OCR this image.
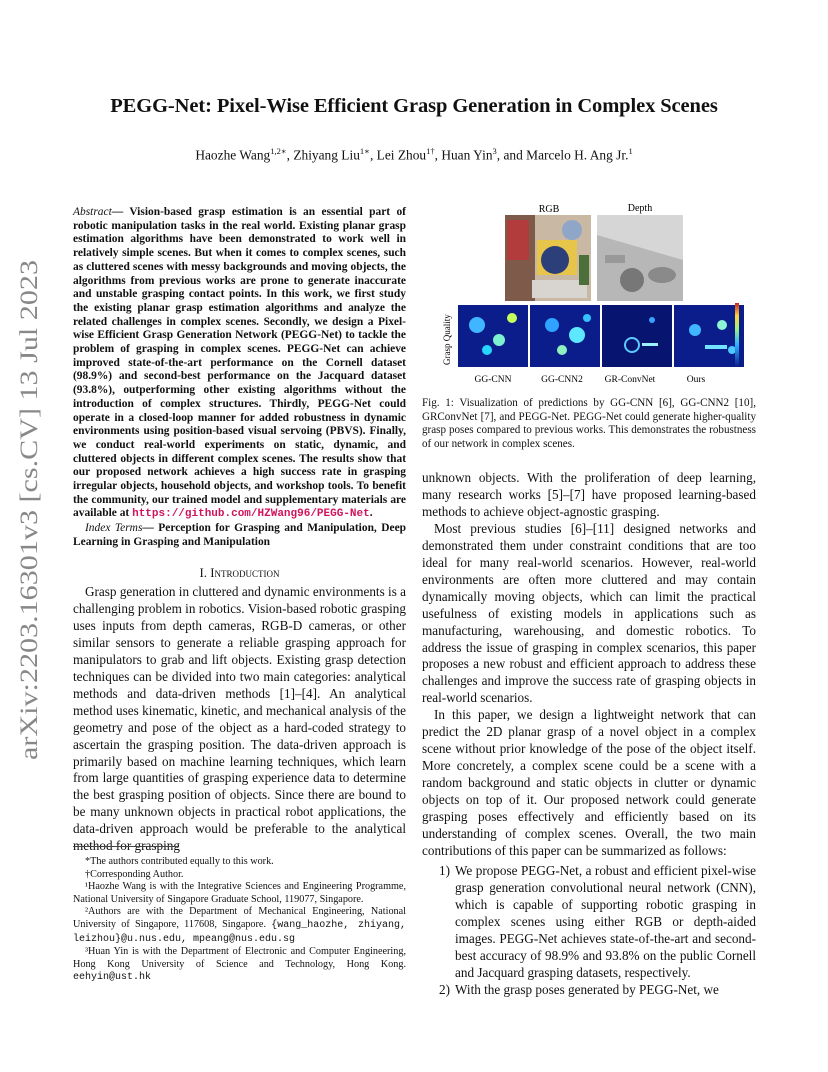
arXiv:2203.16301v3 [cs.CV] 13 Jul 2023
PEGG-Net: Pixel-Wise Efficient Grasp Generation in Complex Scenes
Haozhe Wang$^{1,2∗}$, Zhiyang Liu$^{1∗}$, Lei Zhou$^{1\dagger}$, Huan Yin$^3$, and Marcelo H. Ang Jr.$^1$

Abstract— Vision-based grasp estimation is an essential part of robotic manipulation tasks in the real world. Existing planar grasp estimation algorithms have been demonstrated to work well in relatively simple scenes. But when it comes to complex scenes, such as cluttered scenes with messy backgrounds and moving objects, the algorithms from previous works are prone to generate inaccurate and unstable grasping contact points. In this work, we first study the existing planar grasp estimation algorithms and analyze the related challenges in complex scenes. Secondly, we design a Pixel-wise Efficient Grasp Generation Network (PEGG-Net) to tackle the problem of grasping in complex scenes. PEGG-Net can achieve improved state-of-the-art performance on the Cornell dataset (98.9%) and second-best performance on the Jacquard dataset (93.8%), outperforming other existing algorithms without the introduction of complex structures. Thirdly, PEGG-Net could operate in a closed-loop manner for added robustness in dynamic environments using position-based visual servoing (PBVS). Finally, we conduct real-world experiments on static, dynamic, and cluttered objects in different complex scenes. The results show that our proposed network achieves a high success rate in grasping irregular objects, household objects, and workshop tools. To benefit the community, our trained model and supplementary materials are available at https://github.com/HZWang96/PEGG-Net.

Index Terms— Perception for Grasping and Manipulation, Deep Learning in Grasping and Manipulation

I. Introduction

Grasp generation in cluttered and dynamic environments is a challenging problem in robotics. Vision-based robotic grasping uses inputs from depth cameras, RGB-D cameras, or other similar sensors to generate a reliable grasping approach for manipulators to grab and lift objects. Existing grasp detection techniques can be divided into two main categories: analytical methods and data-driven methods [1]–[4]. An analytical method uses kinematic, kinetic, and mechanical analysis of the geometry and pose of the object as a hard-coded strategy to ascertain the grasping position. The data-driven approach is primarily based on machine learning techniques, which learn from large quantities of grasping experience data to determine the best grasping position of objects. Since there are bound to be many unknown objects in practical robot applications, the data-driven approach would be preferable to the analytical method for grasping

*The authors contributed equally to this work.

†Corresponding Author.

¹Haozhe Wang is with the Integrative Sciences and Engineering Programme, National University of Singapore Graduate School, 119077, Singapore.

²Authors are with the Department of Mechanical Engineering, National University of Singapore, 117608, Singapore. {wang_haozhe, zhiyang, leizhou}@u.nus.edu, mpeang@nus.edu.sg

³Huan Yin is with the Department of Electronic and Computer Engineering, Hong Kong University of Science and Technology, Hong Kong. eehyin@ust.hk

RGB	Depth
Grasp Quality
GG-CNN	GG-CNN2 GR-ConvNet	Ours

Fig. 1: Visualization of predictions by GG-CNN [6], GG-CNN2 [10], GRConvNet [7], and PEGG-Net. PEGG-Net could generate higher-quality grasp poses compared to previous works. This demonstrates the robustness of our network in complex scenes.

unknown objects. With the proliferation of deep learning, many research works [5]–[7] have proposed learning-based methods to achieve object-agnostic grasping.

Most previous studies [6]–[11] designed networks and demonstrated them under constraint conditions that are too ideal for many real-world scenarios. However, real-world environments are often more cluttered and may contain dynamically moving objects, which can limit the practical usefulness of existing models in applications such as manufacturing, warehousing, and domestic robotics. To address the issue of grasping in complex scenarios, this paper proposes a new robust and efficient approach to address these challenges and improve the success rate of grasping objects in real-world scenarios.

In this paper, we design a lightweight network that can predict the 2D planar grasp of a novel object in a complex scene without prior knowledge of the pose of the object itself. More concretely, a complex scene could be a scene with a random background and static objects in clutter or dynamic objects on top of it. Our proposed network could generate grasping poses effectively and efficiently based on its understanding of complex scenes. Overall, the two main contributions of this paper can be summarized as follows:

1) We propose PEGG-Net, a robust and efficient pixel-wise grasp generation convolutional neural network (CNN), which is capable of supporting robotic grasping in complex scenes using either RGB or depth-aided images. PEGG-Net achieves state-of-the-art and second-best accuracy of 98.9% and 93.8% on the public Cornell and Jacquard grasping datasets, respectively.
2) With the grasp poses generated by PEGG-Net, we
